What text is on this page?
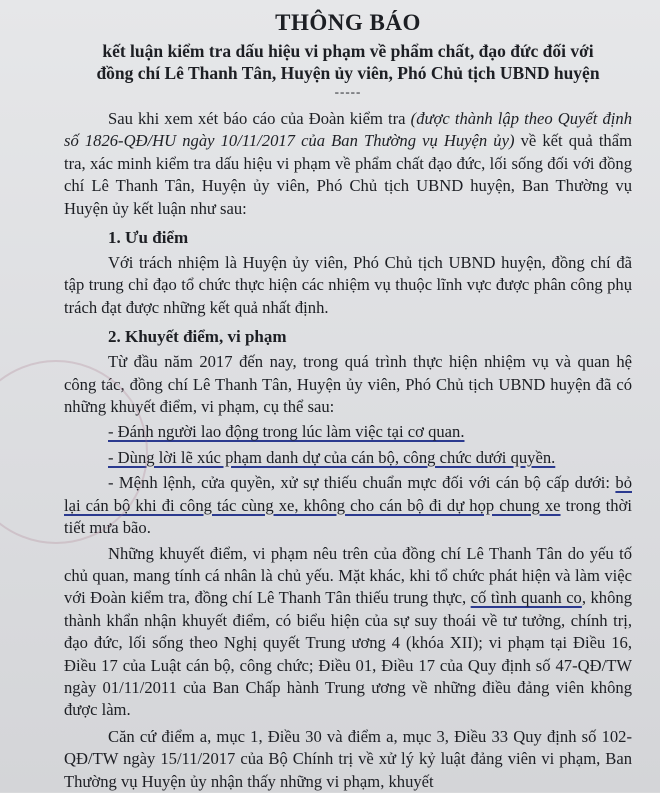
THÔNG BÁO
kết luận kiểm tra dấu hiệu vi phạm về phẩm chất, đạo đức đối với
đồng chí Lê Thanh Tân, Huyện ủy viên, Phó Chủ tịch UBND huyện
-----

Sau khi xem xét báo cáo của Đoàn kiểm tra (được thành lập theo Quyết định số 1826-QĐ/HU ngày 10/11/2017 của Ban Thường vụ Huyện ủy) về kết quả thẩm tra, xác minh kiểm tra dấu hiệu vi phạm về phẩm chất đạo đức, lối sống đối với đồng chí Lê Thanh Tân, Huyện ủy viên, Phó Chủ tịch UBND huyện, Ban Thường vụ Huyện ủy kết luận như sau:

1. Ưu điểm

Với trách nhiệm là Huyện ủy viên, Phó Chủ tịch UBND huyện, đồng chí đã tập trung chỉ đạo tổ chức thực hiện các nhiệm vụ thuộc lĩnh vực được phân công phụ trách đạt được những kết quả nhất định.

2. Khuyết điểm, vi phạm

Từ đầu năm 2017 đến nay, trong quá trình thực hiện nhiệm vụ và quan hệ công tác, đồng chí Lê Thanh Tân, Huyện ủy viên, Phó Chủ tịch UBND huyện đã có những khuyết điểm, vi phạm, cụ thể sau:

- Đánh người lao động trong lúc làm việc tại cơ quan.

- Dùng lời lẽ xúc phạm danh dự của cán bộ, công chức dưới quyền.

- Mệnh lệnh, cửa quyền, xử sự thiếu chuẩn mực đối với cán bộ cấp dưới: bỏ lại cán bộ khi đi công tác cùng xe, không cho cán bộ đi dự họp chung xe trong thời tiết mưa bão.

Những khuyết điểm, vi phạm nêu trên của đồng chí Lê Thanh Tân do yếu tố chủ quan, mang tính cá nhân là chủ yếu. Mặt khác, khi tổ chức phát hiện và làm việc với Đoàn kiểm tra, đồng chí Lê Thanh Tân thiếu trung thực, cố tình quanh co, không thành khẩn nhận khuyết điểm, có biểu hiện của sự suy thoái về tư tưởng, chính trị, đạo đức, lối sống theo Nghị quyết Trung ương 4 (khóa XII); vi phạm tại Điều 16, Điều 17 của Luật cán bộ, công chức; Điều 01, Điều 17 của Quy định số 47-QĐ/TW ngày 01/11/2011 của Ban Chấp hành Trung ương về những điều đảng viên không được làm.

Căn cứ điểm a, mục 1, Điều 30 và điểm a, mục 3, Điều 33 Quy định số 102-QĐ/TW ngày 15/11/2017 của Bộ Chính trị về xử lý kỷ luật đảng viên vi phạm, Ban Thường vụ Huyện ủy nhận thấy những vi phạm, khuyết
